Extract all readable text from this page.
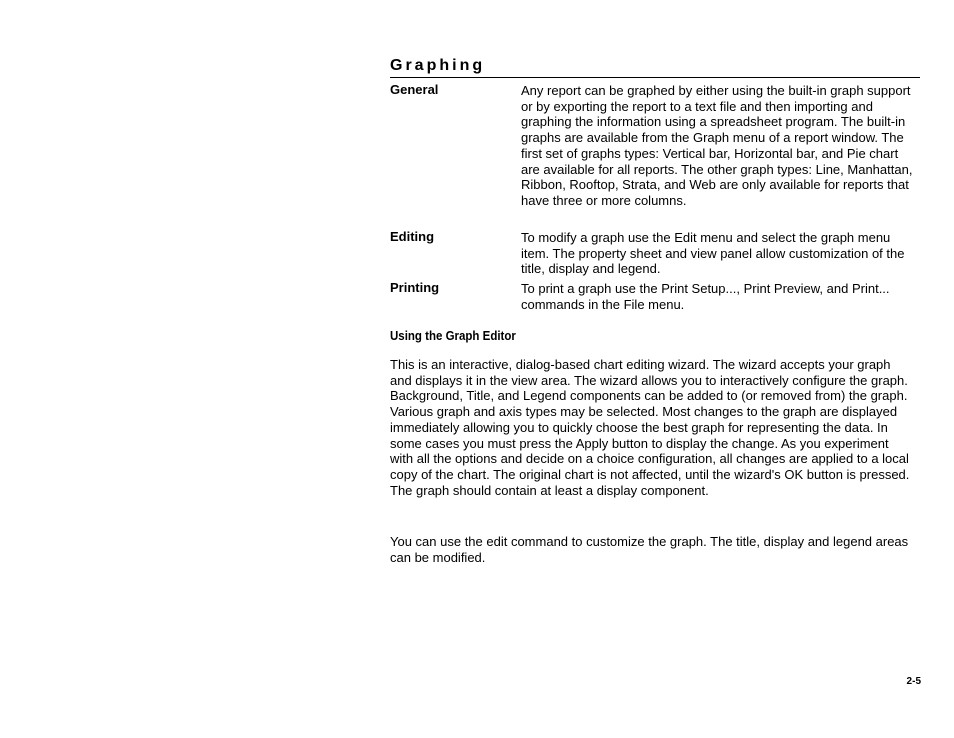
Graphing

General	Any report can be graphed by either using the built-in graph support or by exporting the report to a text file and then importing and graphing the information using a spreadsheet program. The built-in graphs are available from the Graph menu of a report window. The first set of graphs types: Vertical bar, Horizontal bar, and Pie chart are available for all reports. The other graph types: Line, Manhattan, Ribbon, Rooftop, Strata, and Web are only available for reports that have three or more columns.

Editing	To modify a graph use the Edit menu and select the graph menu item. The property sheet and view panel allow customization of the title, display and legend.

Printing	To print a graph use the Print Setup..., Print Preview, and Print... commands in the File menu.

Using the Graph Editor

This is an interactive, dialog-based chart editing wizard. The wizard accepts your graph and displays it in the view area. The wizard allows you to interactively configure the graph. Background, Title, and Legend components can be added to (or removed from) the graph. Various graph and axis types may be selected. Most changes to the graph are displayed immediately allowing you to quickly choose the best graph for representing the data. In some cases you must press the Apply button to display the change. As you experiment with all the options and decide on a choice configuration, all changes are applied to a local copy of the chart. The original chart is not affected, until the wizard's OK button is pressed. The graph should contain at least a display component.

You can use the edit command to customize the graph. The title, display and legend areas can be modified.

2-5
